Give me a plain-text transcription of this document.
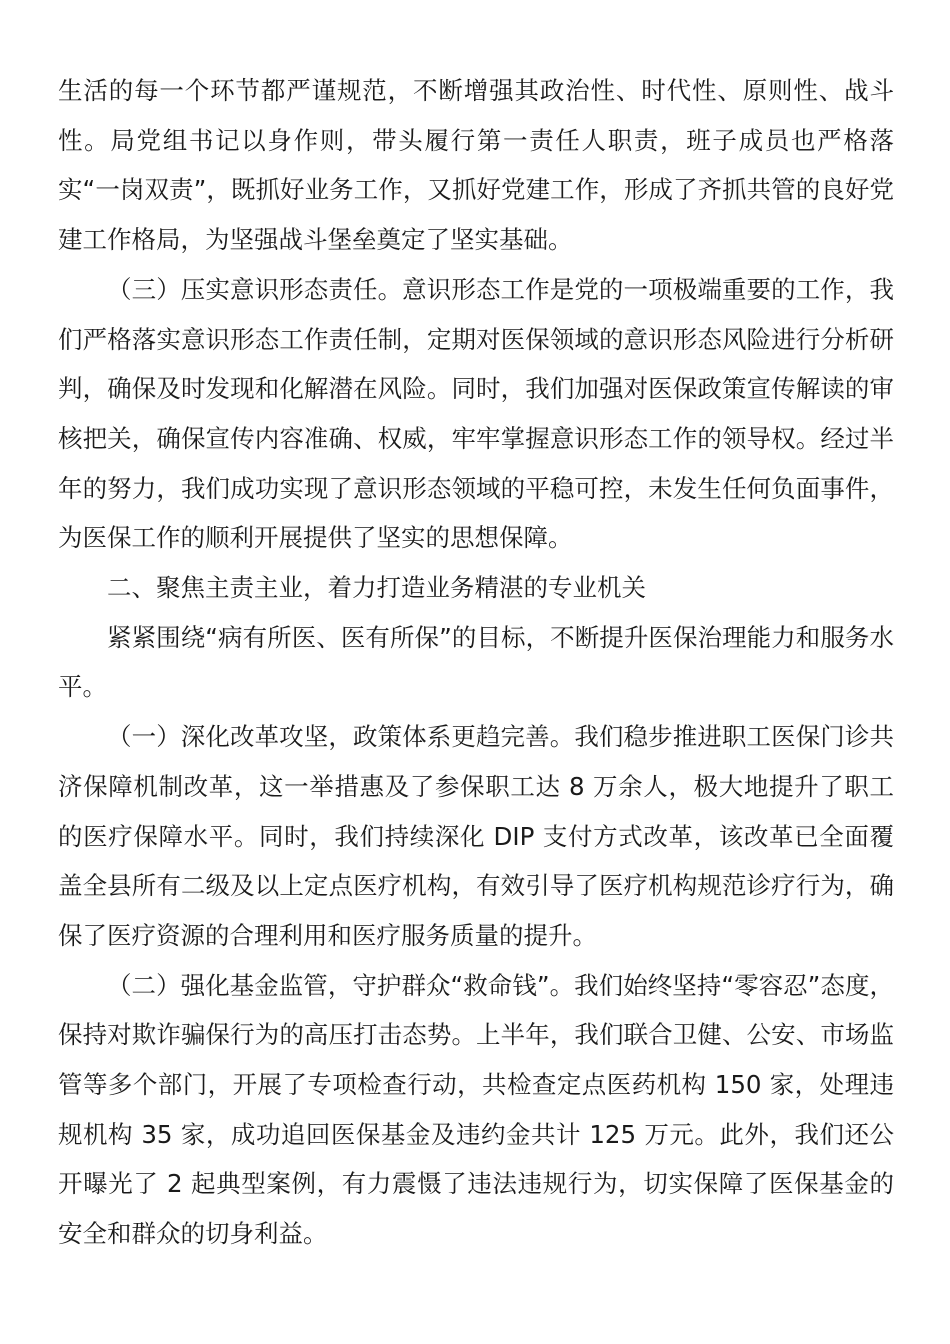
生活的每一个环节都严谨规范，不断增强其政治性、时代性、原则性、战斗性。局党组书记以身作则，带头履行第一责任人职责，班子成员也严格落实“一岗双责”，既抓好业务工作，又抓好党建工作，形成了齐抓共管的良好党建工作格局，为坚强战斗堡垒奠定了坚实基础。

（三）压实意识形态责任。意识形态工作是党的一项极端重要的工作，我们严格落实意识形态工作责任制，定期对医保领域的意识形态风险进行分析研判，确保及时发现和化解潜在风险。同时，我们加强对医保政策宣传解读的审核把关，确保宣传内容准确、权威，牢牢掌握意识形态工作的领导权。经过半年的努力，我们成功实现了意识形态领域的平稳可控，未发生任何负面事件，为医保工作的顺利开展提供了坚实的思想保障。

二、聚焦主责主业，着力打造业务精湛的专业机关

紧紧围绕“病有所医、医有所保”的目标，不断提升医保治理能力和服务水平。

（一）深化改革攻坚，政策体系更趋完善。我们稳步推进职工医保门诊共济保障机制改革，这一举措惠及了参保职工达 8 万余人，极大地提升了职工的医疗保障水平。同时，我们持续深化 DIP 支付方式改革，该改革已全面覆盖全县所有二级及以上定点医疗机构，有效引导了医疗机构规范诊疗行为，确保了医疗资源的合理利用和医疗服务质量的提升。

（二）强化基金监管，守护群众“救命钱”。我们始终坚持“零容忍”态度，保持对欺诈骗保行为的高压打击态势。上半年，我们联合卫健、公安、市场监管等多个部门，开展了专项检查行动，共检查定点医药机构 150 家，处理违规机构 35 家，成功追回医保基金及违约金共计 125 万元。此外，我们还公开曝光了 2 起典型案例，有力震慑了违法违规行为，切实保障了医保基金的安全和群众的切身利益。
